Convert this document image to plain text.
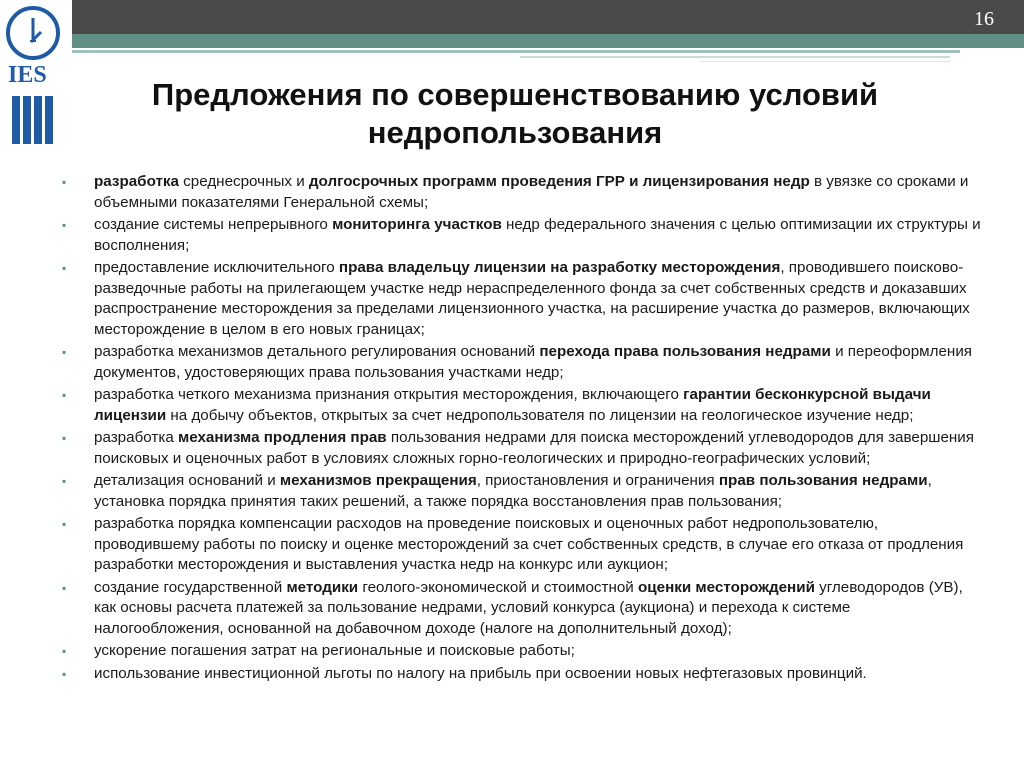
16
IES
Предложения по совершенствованию условий
недропользования
▪ разработка среднесрочных и долгосрочных программ проведения ГРР и лицензирования недр в увязке со сроками и объемными показателями Генеральной схемы;
▪ создание системы непрерывного мониторинга участков недр федерального значения с целью оптимизации их структуры и восполнения;
▪ предоставление исключительного права владельцу лицензии на разработку месторождения, проводившего поисково-разведочные работы на прилегающем участке недр нераспределенного фонда за счет собственных средств и доказавших распространение месторождения за пределами лицензионного участка, на расширение участка до размеров, включающих месторождение в целом в его новых границах;
▪ разработка механизмов детального регулирования оснований перехода права пользования недрами и переоформления документов, удостоверяющих права пользования участками недр;
▪ разработка четкого механизма признания открытия месторождения, включающего гарантии бесконкурсной выдачи лицензии на добычу объектов, открытых за счет недропользователя по лицензии на геологическое изучение недр;
▪ разработка механизма продления прав пользования недрами для поиска месторождений углеводородов для завершения поисковых и оценочных работ в условиях сложных горно-геологических и природно-географических условий;
▪ детализация оснований и механизмов прекращения, приостановления и ограничения прав пользования недрами, установка порядка принятия таких решений, а также порядка восстановления прав пользования;
▪ разработка порядка компенсации расходов на проведение поисковых и оценочных работ недропользователю, проводившему работы по поиску и оценке месторождений за счет собственных средств, в случае его отказа от продления разработки месторождения и выставления участка недр на конкурс или аукцион;
▪ создание государственной методики геолого-экономической и стоимостной оценки месторождений углеводородов (УВ), как основы расчета платежей за пользование недрами, условий конкурса (аукциона) и перехода к системе налогообложения, основанной на добавочном доходе (налоге на дополнительный доход);
▪ ускорение погашения затрат на региональные и поисковые работы;
▪ использование инвестиционной льготы по налогу на прибыль при освоении новых нефтегазовых провинций.
